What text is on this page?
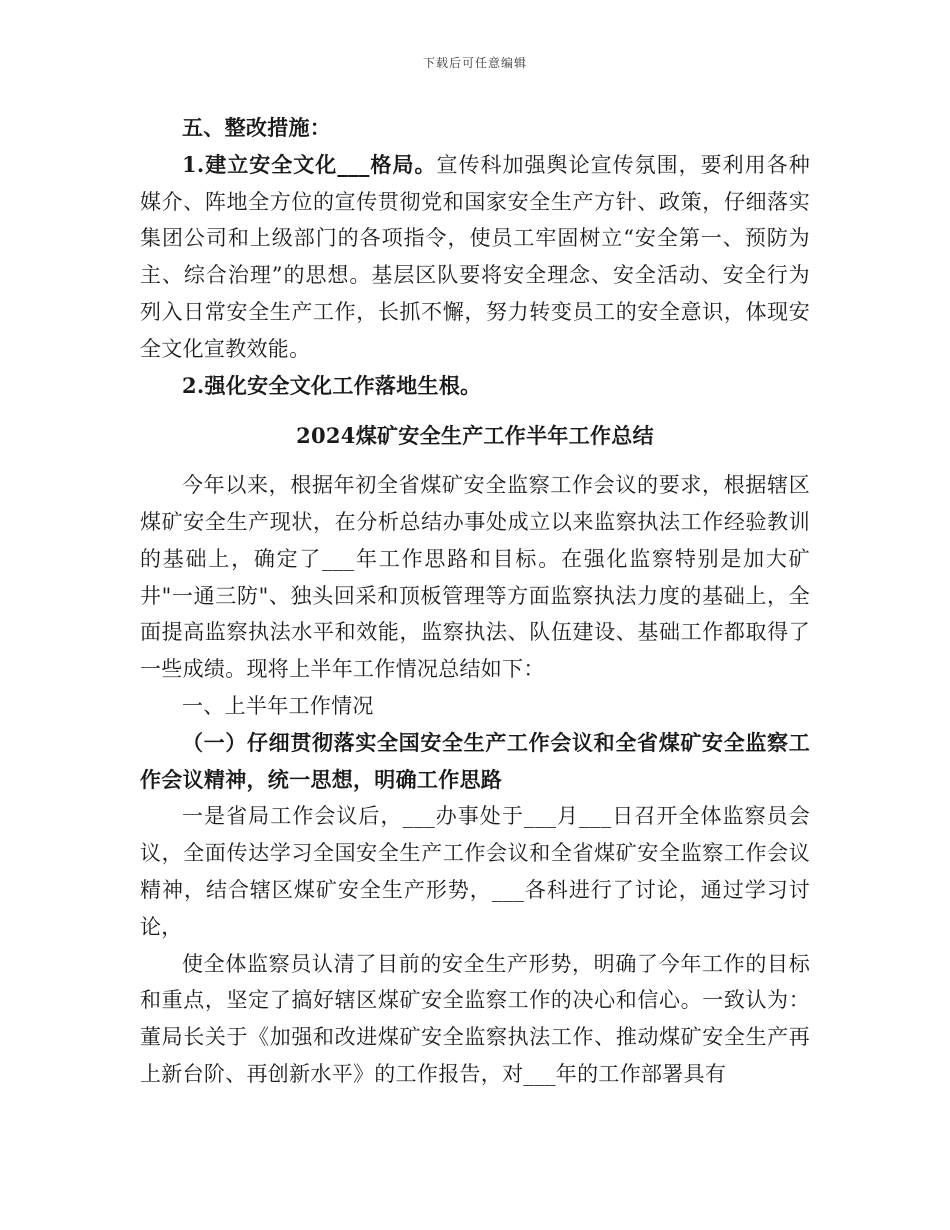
下载后可任意编辑

五、整改措施：

1.建立安全文化___格局。宣传科加强舆论宣传氛围，要利用各种媒介、阵地全方位的宣传贯彻党和国家安全生产方针、政策，仔细落实集团公司和上级部门的各项指令，使员工牢固树立“安全第一、预防为主、综合治理”的思想。基层区队要将安全理念、安全活动、安全行为列入日常安全生产工作，长抓不懈，努力转变员工的安全意识，体现安全文化宣教效能。

2.强化安全文化工作落地生根。

2024煤矿安全生产工作半年工作总结

今年以来，根据年初全省煤矿安全监察工作会议的要求，根据辖区煤矿安全生产现状，在分析总结办事处成立以来监察执法工作经验教训的基础上，确定了___年工作思路和目标。在强化监察特别是加大矿井"一通三防"、独头回采和顶板管理等方面监察执法力度的基础上，全面提高监察执法水平和效能，监察执法、队伍建设、基础工作都取得了一些成绩。现将上半年工作情况总结如下：

一、上半年工作情况

（一）仔细贯彻落实全国安全生产工作会议和全省煤矿安全监察工作会议精神，统一思想，明确工作思路

一是省局工作会议后，___办事处于___月___日召开全体监察员会议，全面传达学习全国安全生产工作会议和全省煤矿安全监察工作会议精神，结合辖区煤矿安全生产形势，___各科进行了讨论，通过学习讨论，

使全体监察员认清了目前的安全生产形势，明确了今年工作的目标和重点，坚定了搞好辖区煤矿安全监察工作的决心和信心。一致认为：董局长关于《加强和改进煤矿安全监察执法工作、推动煤矿安全生产再上新台阶、再创新水平》的工作报告，对___年的工作部署具有
